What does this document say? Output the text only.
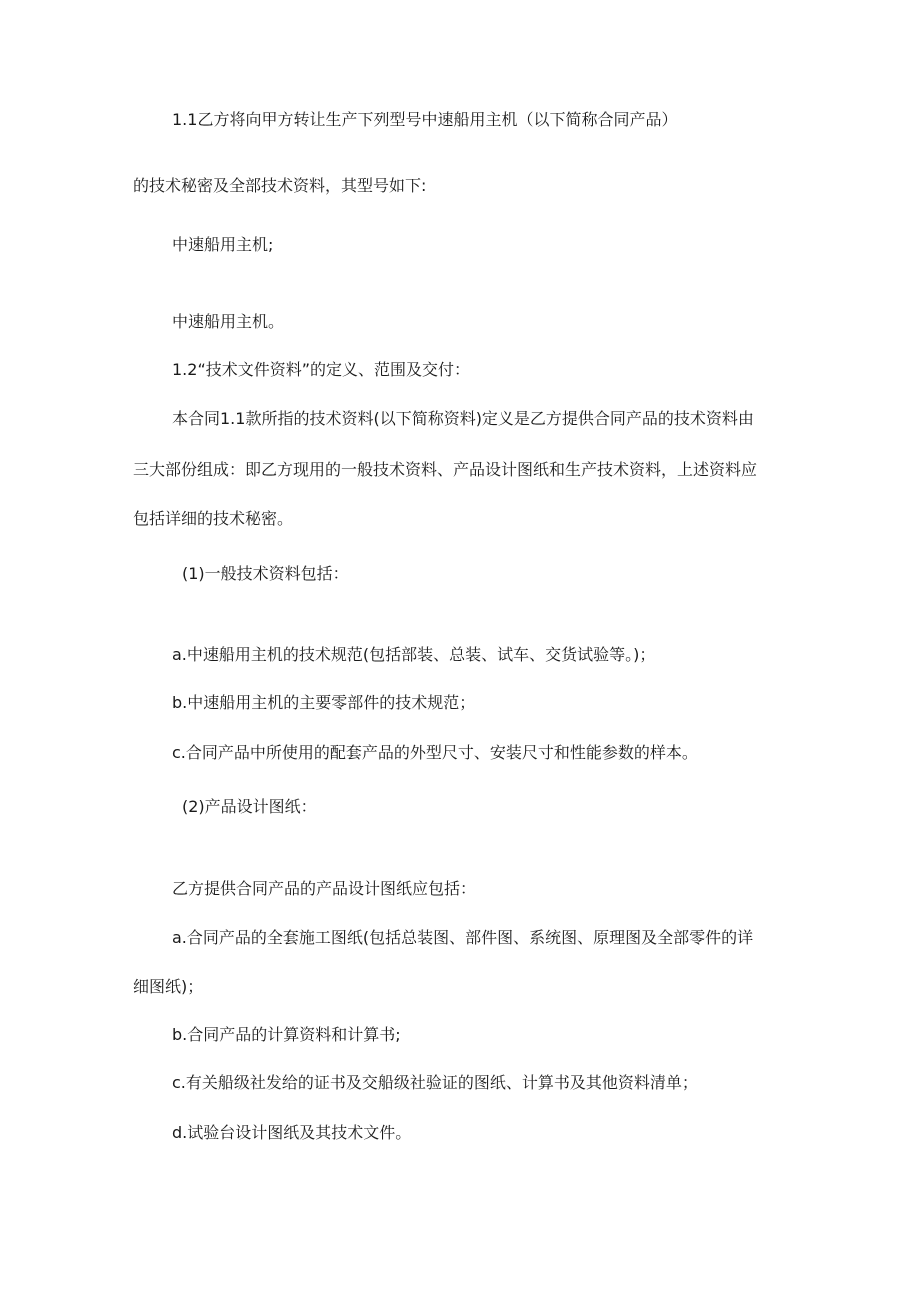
1.1乙方将向甲方转让生产下列型号中速船用主机（以下简称合同产品）
的技术秘密及全部技术资料，其型号如下:
中速船用主机;
中速船用主机。
1.2“技术文件资料”的定义、范围及交付：
本合同1.1款所指的技术资料(以下简称资料)定义是乙方提供合同产品的技术资料由
三大部份组成：即乙方现用的一般技术资料、产品设计图纸和生产技术资料，上述资料应
包括详细的技术秘密。
(1)一般技术资料包括：
a.中速船用主机的技术规范(包括部装、总装、试车、交货试验等。)；
b.中速船用主机的主要零部件的技术规范；
c.合同产品中所使用的配套产品的外型尺寸、安装尺寸和性能参数的样本。
(2)产品设计图纸：
乙方提供合同产品的产品设计图纸应包括：
a.合同产品的全套施工图纸(包括总装图、部件图、系统图、原理图及全部零件的详
细图纸)；
b.合同产品的计算资料和计算书;
c.有关船级社发给的证书及交船级社验证的图纸、计算书及其他资料清单；
d.试验台设计图纸及其技术文件。
